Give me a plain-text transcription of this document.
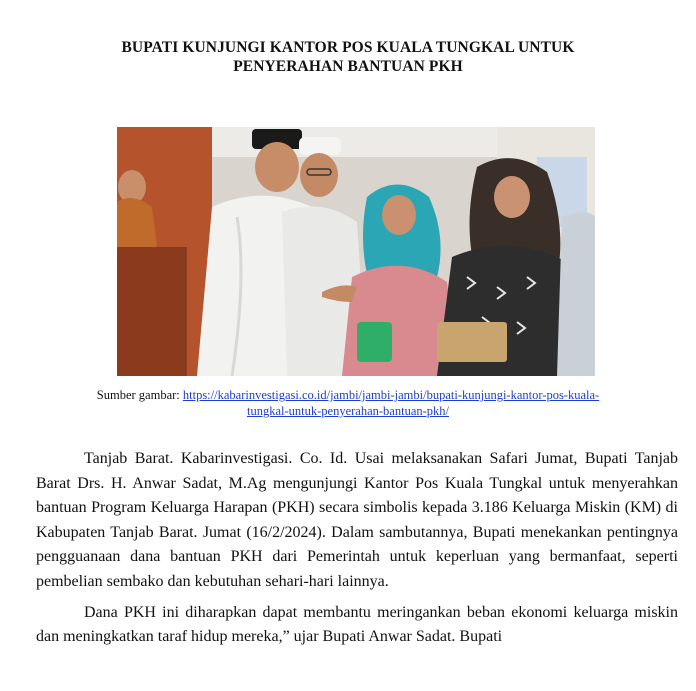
BUPATI KUNJUNGI KANTOR POS KUALA TUNGKAL UNTUK
PENYERAHAN BANTUAN PKH
Sumber gambar: https://kabarinvestigasi.co.id/jambi/jambi-jambi/bupati-kunjungi-kantor-pos-kuala-
tungkal-untuk-penyerahan-bantuan-pkh/

Tanjab Barat. Kabarinvestigasi. Co. Id. Usai melaksanakan Safari Jumat, Bupati Tanjab Barat Drs. H. Anwar Sadat, M.Ag mengunjungi Kantor Pos Kuala Tungkal untuk menyerahkan bantuan Program Keluarga Harapan (PKH) secara simbolis kepada 3.186 Keluarga Miskin (KM) di Kabupaten Tanjab Barat. Jumat (16/2/2024). Dalam sambutannya, Bupati menekankan pentingnya pengguanaan dana bantuan PKH dari Pemerintah untuk keperluan yang bermanfaat, seperti pembelian sembako dan kebutuhan sehari-hari lainnya.

Dana PKH ini diharapkan dapat membantu meringankan beban ekonomi keluarga miskin dan meningkatkan taraf hidup mereka,” ujar Bupati Anwar Sadat. Bupati
